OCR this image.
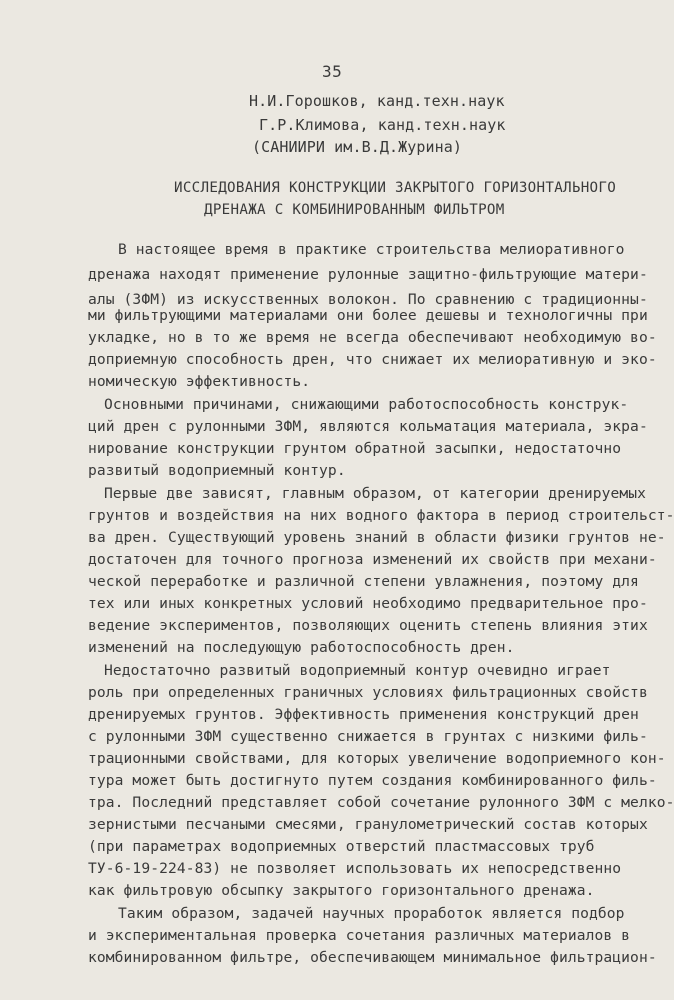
35
Н.И.Горошков, канд.техн.наук
Г.Р.Климова, канд.техн.наук
(САНИИРИ им.В.Д.Журина)
ИССЛЕДОВАНИЯ КОНСТРУКЦИИ ЗАКРЫТОГО ГОРИЗОНТАЛЬНОГО
ДРЕНАЖА С КОМБИНИРОВАННЫМ ФИЛЬТРОМ
В настоящее время в практике строительства мелиоративного
дренажа находят применение рулонные защитно-фильтрующие матери-
алы (ЗФМ) из искусственных волокон. По сравнению с традиционны-
ми фильтрующими материалами они более дешевы и технологичны при
укладке, но в то же время не всегда обеспечивают необходимую во-
доприемную способность дрен, что снижает их мелиоративную и эко-
номическую эффективность.
Основными причинами, снижающими работоспособность конструк-
ций дрен с рулонными ЗФМ, являются кольматация материала, экра-
нирование конструкции грунтом обратной засыпки, недостаточно
развитый водоприемный контур.
Первые две зависят, главным образом, от категории дренируемых
грунтов и воздействия на них водного фактора в период строительст-
ва дрен. Существующий уровень знаний в области физики грунтов не-
достаточен для точного прогноза изменений их свойств при механи-
ческой переработке и различной степени увлажнения, поэтому для
тех или иных конкретных условий необходимо предварительное про-
ведение экспериментов, позволяющих оценить степень влияния этих
изменений на последующую работоспособность дрен.
Недостаточно развитый водоприемный контур очевидно играет
роль при определенных граничных условиях фильтрационных свойств
дренируемых грунтов. Эффективность применения конструкций дрен
с рулонными ЗФМ существенно снижается в грунтах с низкими филь-
трационными свойствами, для которых увеличение водоприемного кон-
тура может быть достигнуто путем создания комбинированного филь-
тра. Последний представляет собой сочетание рулонного ЗФМ с мелко-
зернистыми песчаными смесями, гранулометрический состав которых
(при параметрах водоприемных отверстий пластмассовых труб
ТУ-6-19-224-83) не позволяет использовать их непосредственно
как фильтровую обсыпку закрытого горизонтального дренажа.
Таким образом, задачей научных проработок является подбор
и экспериментальная проверка сочетания различных материалов в
комбинированном фильтре, обеспечивающем минимальное фильтрацион-
